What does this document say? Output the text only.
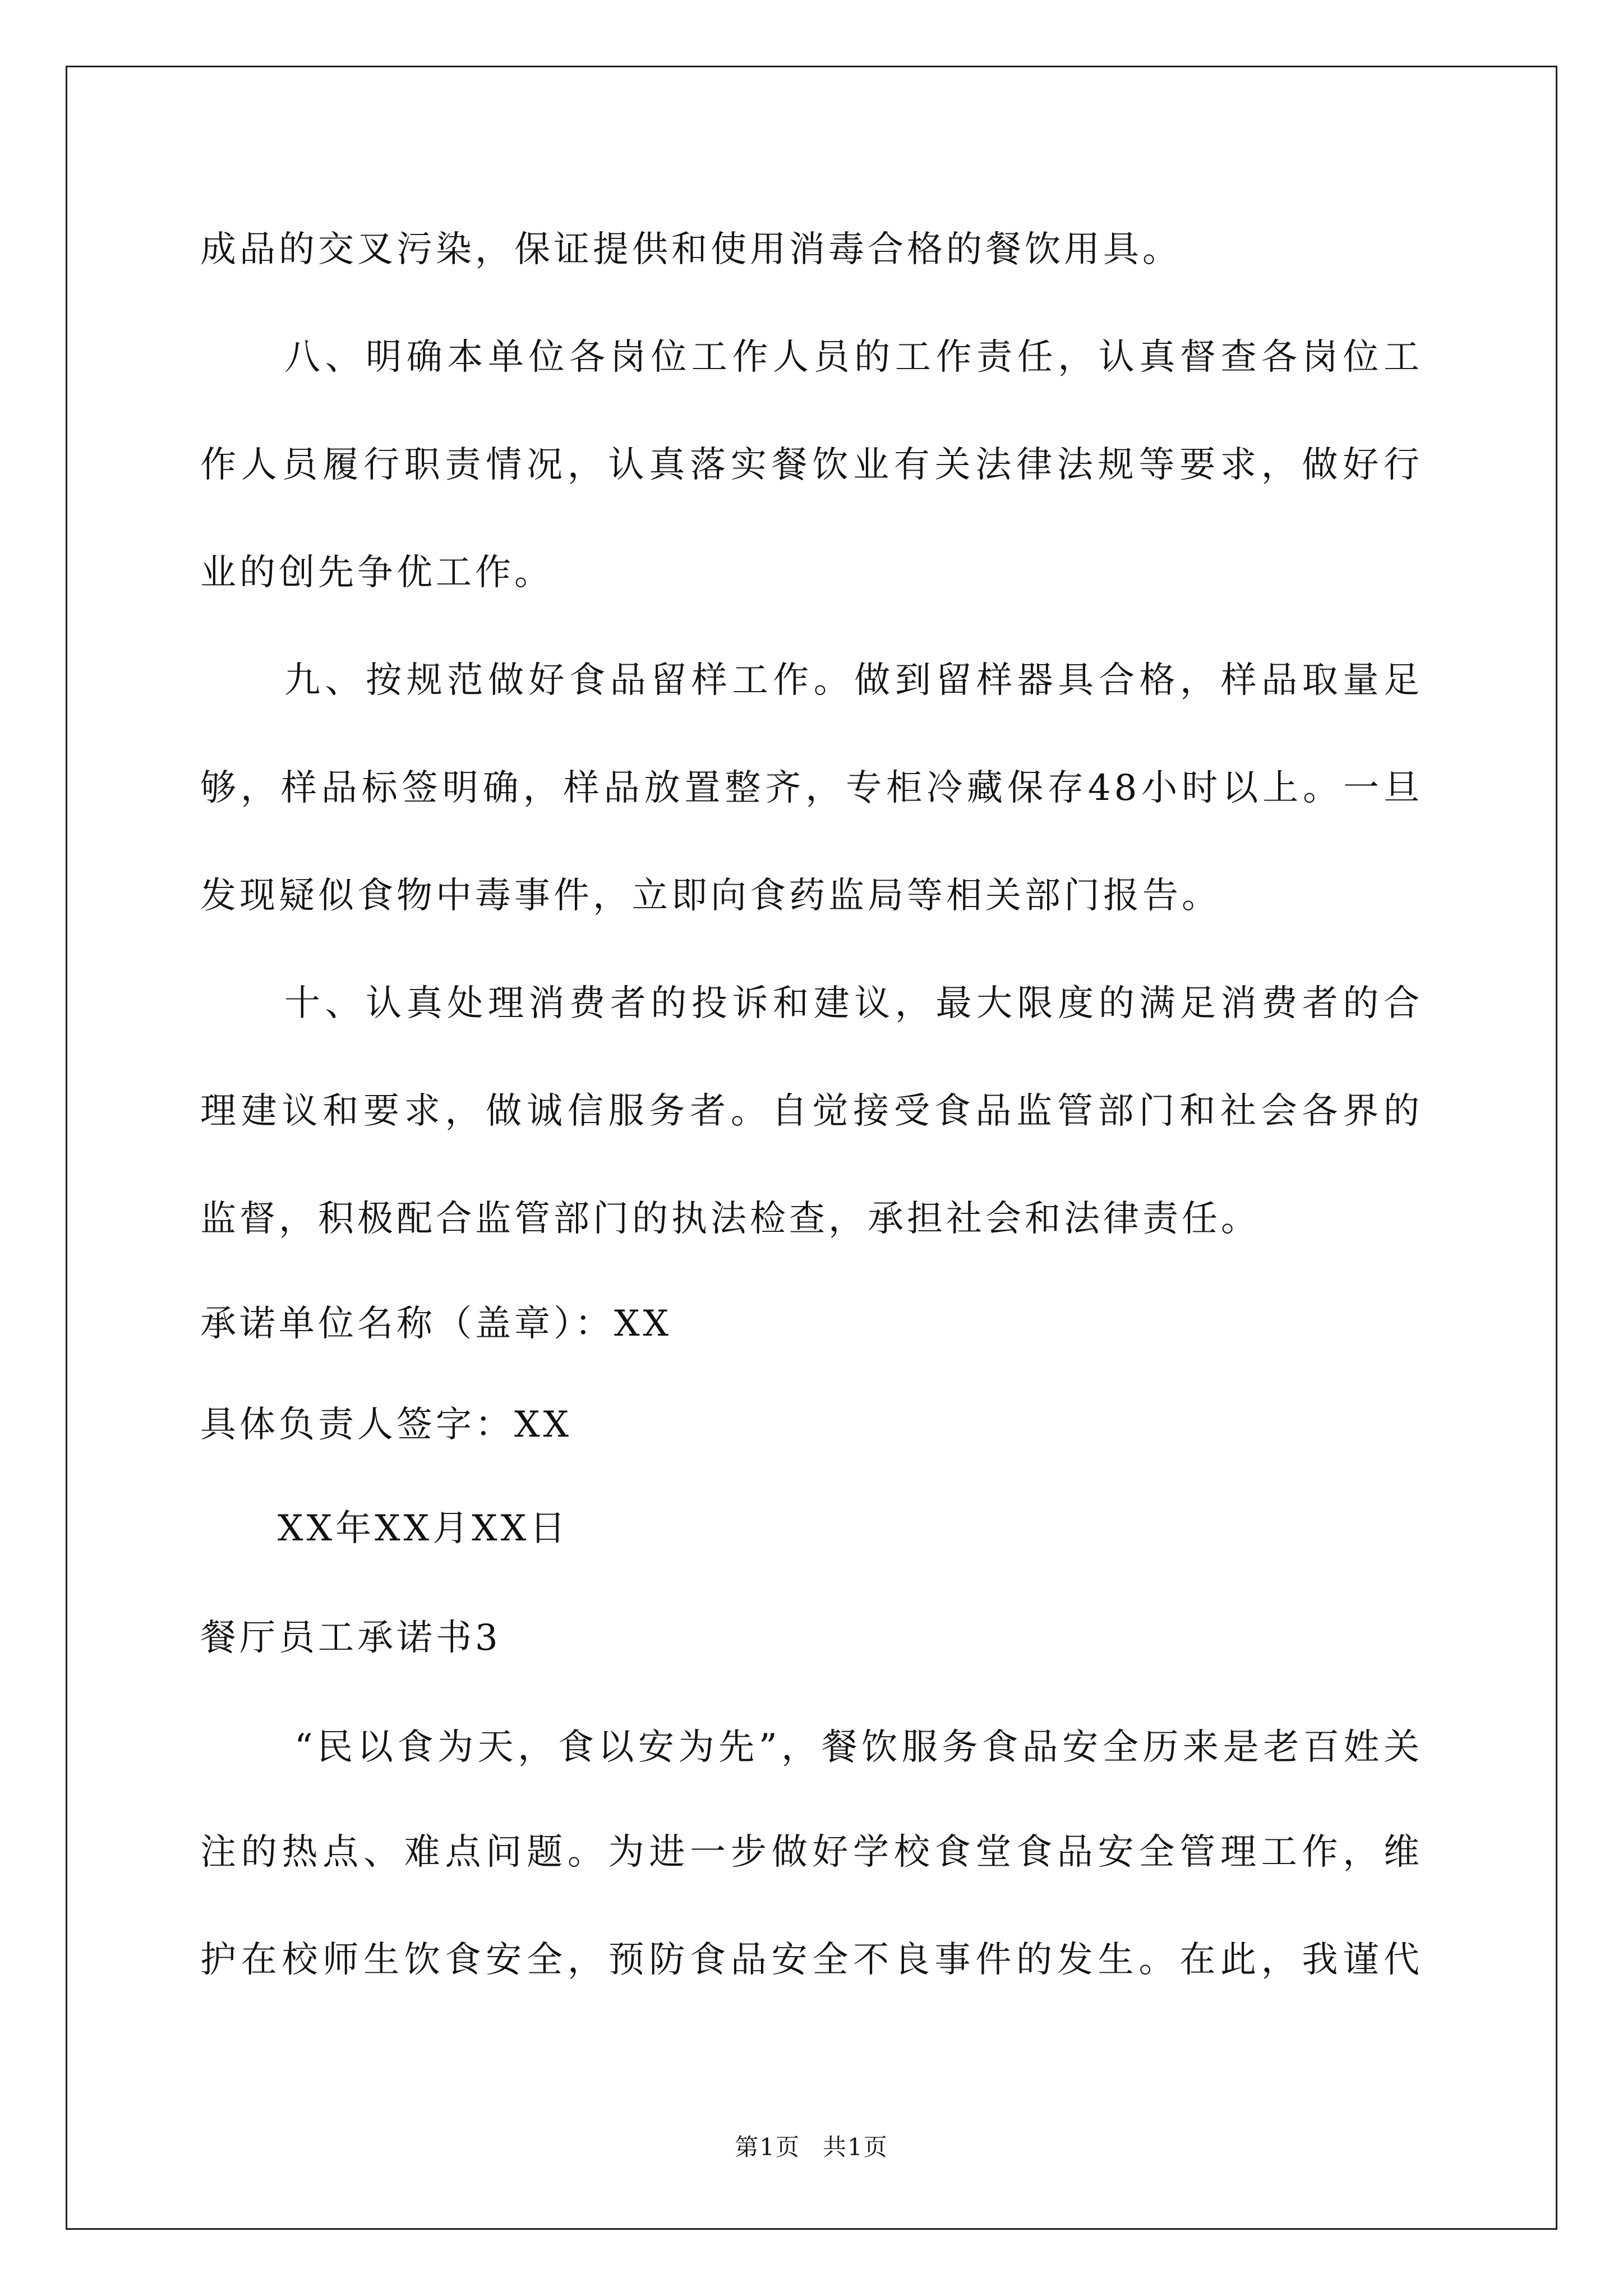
成品的交叉污染，保证提供和使用消毒合格的餐饮用具。
八、明确本单位各岗位工作人员的工作责任，认真督查各岗位工
作人员履行职责情况，认真落实餐饮业有关法律法规等要求，做好行
业的创先争优工作。
九、按规范做好食品留样工作。做到留样器具合格，样品取量足
够，样品标签明确，样品放置整齐，专柜冷藏保存48小时以上。一旦
发现疑似食物中毒事件，立即向食药监局等相关部门报告。
十、认真处理消费者的投诉和建议，最大限度的满足消费者的合
理建议和要求，做诚信服务者。自觉接受食品监管部门和社会各界的
监督，积极配合监管部门的执法检查，承担社会和法律责任。
承诺单位名称（盖章）：XX
具体负责人签字：XX
XX年XX月XX日
餐厅员工承诺书3
“民以食为天，食以安为先”，餐饮服务食品安全历来是老百姓关
注的热点、难点问题。为进一步做好学校食堂食品安全管理工作，维
护在校师生饮食安全，预防食品安全不良事件的发生。在此，我谨代
第1页 共1页
